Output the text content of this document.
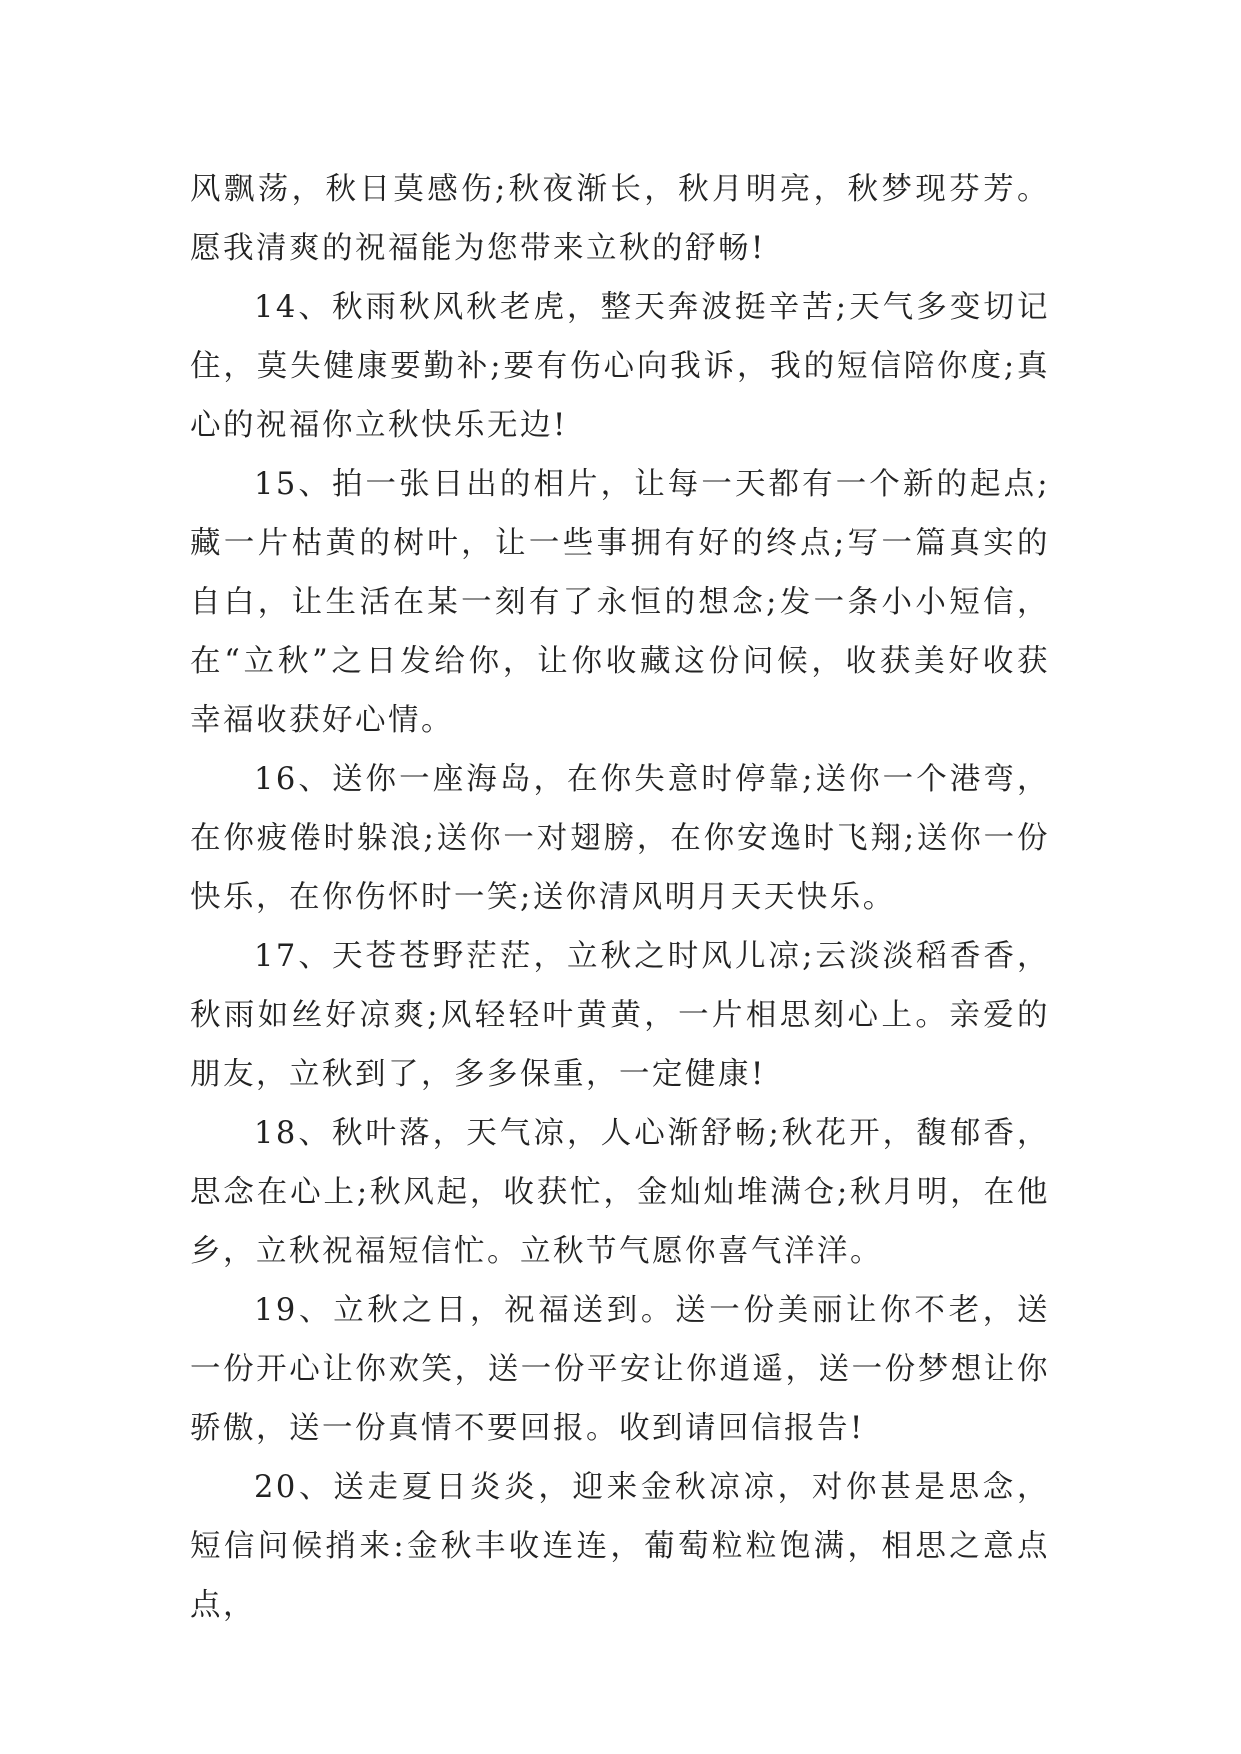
风飘荡，秋日莫感伤;秋夜渐长，秋月明亮，秋梦现芬芳。愿我清爽的祝福能为您带来立秋的舒畅!

14、秋雨秋风秋老虎，整天奔波挺辛苦;天气多变切记住，莫失健康要勤补;要有伤心向我诉，我的短信陪你度;真心的祝福你立秋快乐无边!

15、拍一张日出的相片，让每一天都有一个新的起点;藏一片枯黄的树叶，让一些事拥有好的终点;写一篇真实的自白，让生活在某一刻有了永恒的想念;发一条小小短信，在“立秋”之日发给你，让你收藏这份问候，收获美好收获幸福收获好心情。

16、送你一座海岛，在你失意时停靠;送你一个港弯，在你疲倦时躲浪;送你一对翅膀，在你安逸时飞翔;送你一份快乐，在你伤怀时一笑;送你清风明月天天快乐。

17、天苍苍野茫茫，立秋之时风儿凉;云淡淡稻香香，秋雨如丝好凉爽;风轻轻叶黄黄，一片相思刻心上。亲爱的朋友，立秋到了，多多保重，一定健康!

18、秋叶落，天气凉，人心渐舒畅;秋花开，馥郁香，思念在心上;秋风起，收获忙，金灿灿堆满仓;秋月明，在他乡，立秋祝福短信忙。立秋节气愿你喜气洋洋。

19、立秋之日，祝福送到。送一份美丽让你不老，送一份开心让你欢笑，送一份平安让你逍遥，送一份梦想让你骄傲，送一份真情不要回报。收到请回信报告!

20、送走夏日炎炎，迎来金秋凉凉，对你甚是思念，短信问候捎来:金秋丰收连连，葡萄粒粒饱满，相思之意点点，
